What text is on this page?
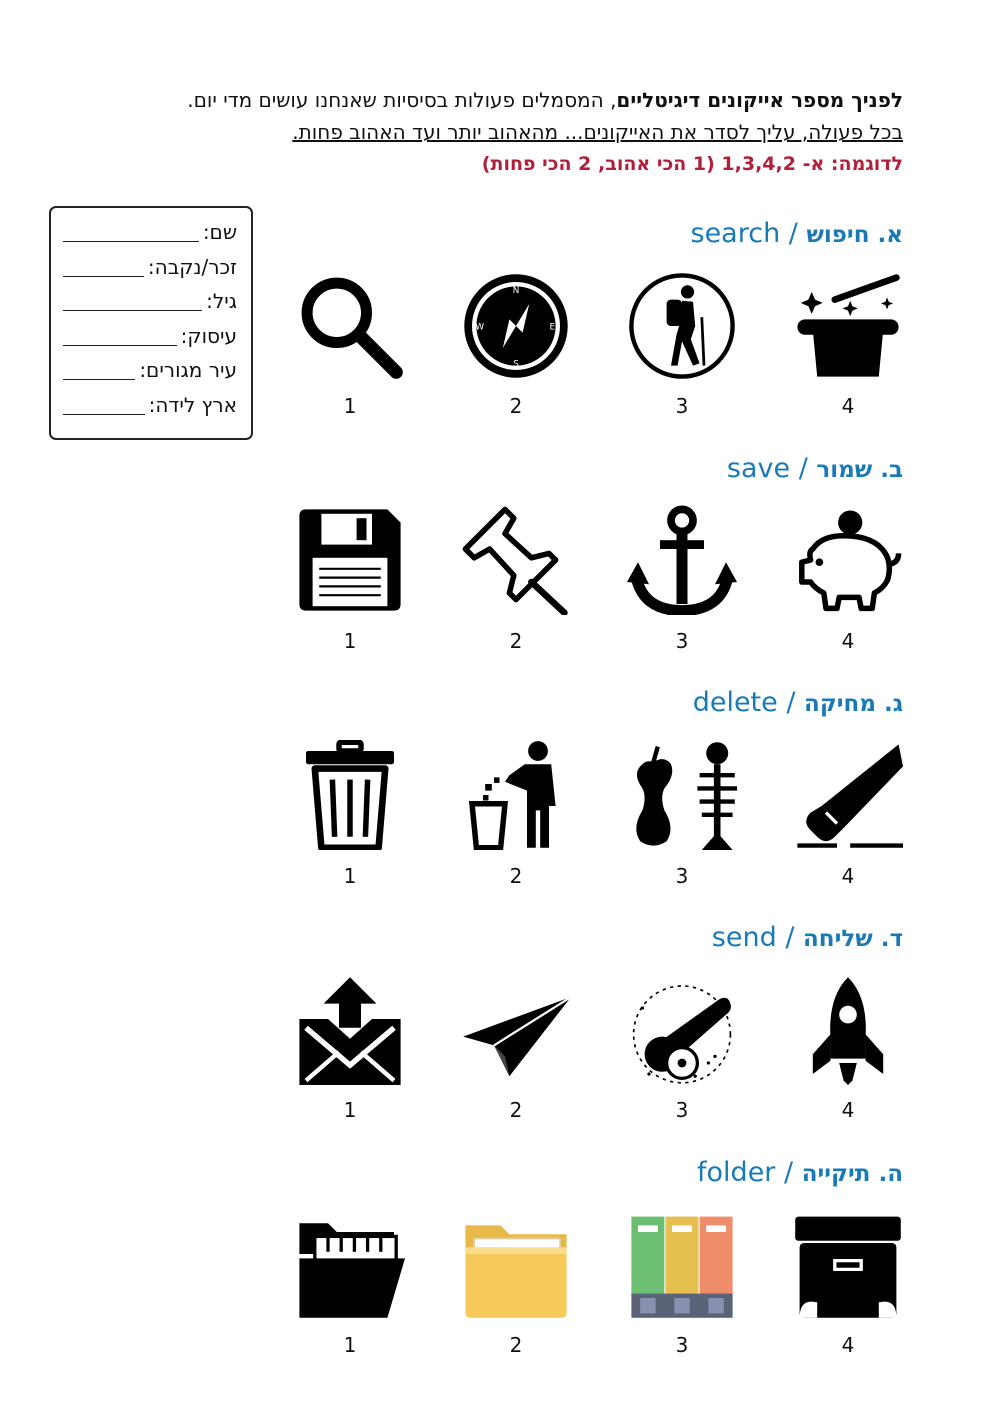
לפניך מספר אייקונים דיגיטליים, המסמלים פעולות בסיסיות שאנחנו עושים מדי יום.

בכל פעולה, עליך לסדר את האייקונים... מהאהוב יותר ועד האהוב פחות.

לדוגמה: א- 1,3,4,2 (1 הכי אהוב, 2 הכי פחות)

שם:
זכר/נקבה:
גיל:
עיסוק:
עיר מגורים:
ארץ לידה:
א. חיפוש / search
ב. שמור / save
ג. מחיקה / delete
ד. שליחה / send
ה. תיקייה / folder
N
S
W	E
1	2	3	4
1	2	3	4
1	2	3	4
1	2	3	4
1	2	3	4
